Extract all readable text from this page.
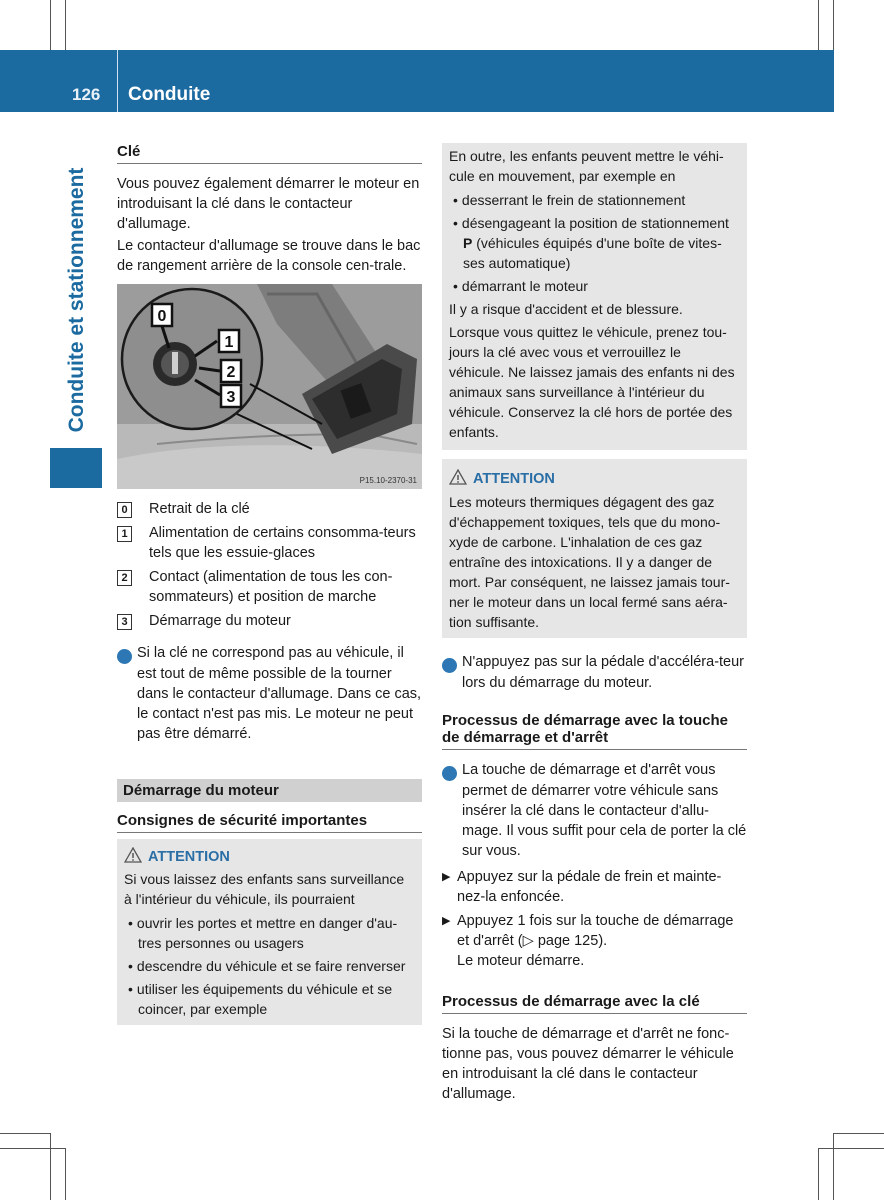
126 Conduite
Conduite et stationnement
Clé

Vous pouvez également démarrer le moteur en introduisant la clé dans le contacteur d'allumage.

Le contacteur d'allumage se trouve dans le bac de rangement arrière de la console cen-trale.

0
1
2
3
P15.10-2370-31
0	Retrait de la clé
1	Alimentation de certains consomma-teurs tels que les essuie-glaces
2	Contact (alimentation de tous les con-sommateurs) et position de marche
3	Démarrage du moteur
i Si la clé ne correspond pas au véhicule, il est tout de même possible de la tourner dans le contacteur d'allumage. Dans ce cas, le contact n'est pas mis. Le moteur ne peut pas être démarré.
Démarrage du moteur
Consignes de sécurité importantes
ATTENTION

Si vous laissez des enfants sans surveillance à l'intérieur du véhicule, ils pourraient

• ouvrir les portes et mettre en danger d'au-tres personnes ou usagers
• descendre du véhicule et se faire renverser
• utiliser les équipements du véhicule et se coincer, par exemple

En outre, les enfants peuvent mettre le véhi-cule en mouvement, par exemple en

• desserrant le frein de stationnement
• désengageant la position de stationnement P (véhicules équipés d'une boîte de vites-ses automatique)
• démarrant le moteur

Il y a risque d'accident et de blessure.

Lorsque vous quittez le véhicule, prenez tou-jours la clé avec vous et verrouillez le véhicule. Ne laissez jamais des enfants ni des animaux sans surveillance à l'intérieur du véhicule. Conservez la clé hors de portée des enfants.

ATTENTION

Les moteurs thermiques dégagent des gaz d'échappement toxiques, tels que du mono-xyde de carbone. L'inhalation de ces gaz entraîne des intoxications. Il y a danger de mort. Par conséquent, ne laissez jamais tour-ner le moteur dans un local fermé sans aéra-tion suffisante.

i N'appuyez pas sur la pédale d'accéléra-teur lors du démarrage du moteur.
Processus de démarrage avec la touche de démarrage et d'arrêt
i La touche de démarrage et d'arrêt vous permet de démarrer votre véhicule sans insérer la clé dans le contacteur d'allu-mage. Il vous suffit pour cela de porter la clé sur vous.
▶ Appuyez sur la pédale de frein et mainte-nez-la enfoncée.
▶ Appuyez 1 fois sur la touche de démarrage et d'arrêt (▷ page 125).
Le moteur démarre.
Processus de démarrage avec la clé

Si la touche de démarrage et d'arrêt ne fonc-tionne pas, vous pouvez démarrer le véhicule en introduisant la clé dans le contacteur d'allumage.
